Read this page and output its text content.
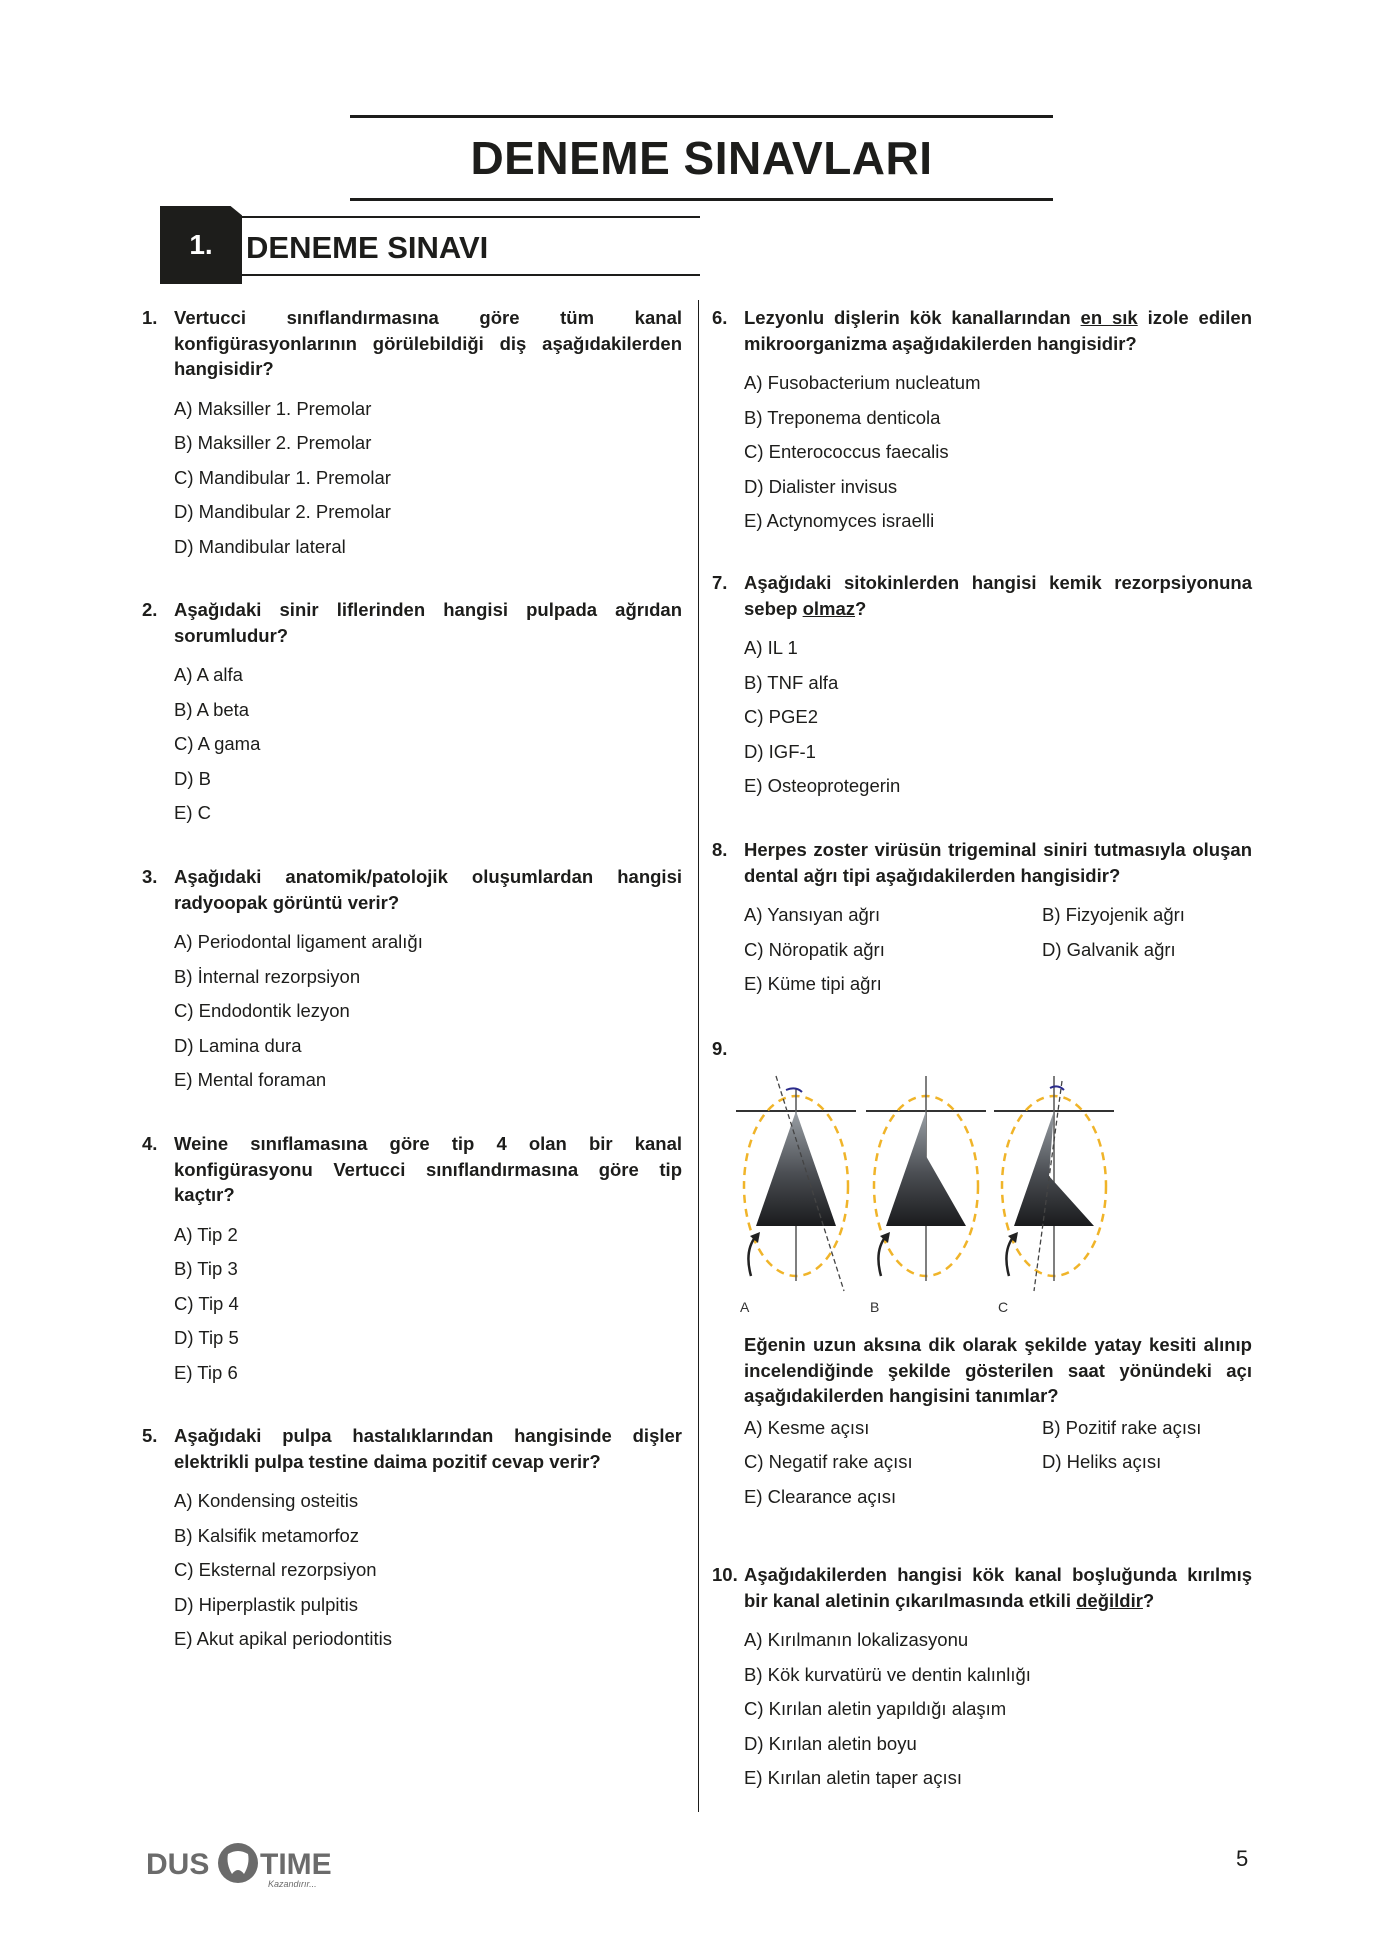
DENEME SINAVLARI
1.	DENEME SINAVI
1. Vertucci sınıflandırmasına göre tüm kanal konfigürasyonlarının görülebildiği diş aşağıdakilerden hangisidir?
A) Maksiller 1. Premolar
B) Maksiller 2. Premolar
C) Mandibular 1. Premolar
D) Mandibular 2. Premolar
D) Mandibular lateral
2. Aşağıdaki sinir liflerinden hangisi pulpada ağrıdan sorumludur?
A) A alfa
B) A beta
C) A gama
D) B
E) C
3. Aşağıdaki anatomik/patolojik oluşumlardan hangisi radyoopak görüntü verir?
A) Periodontal ligament aralığı
B) İnternal rezorpsiyon
C) Endodontik lezyon
D) Lamina dura
E) Mental foraman
4. Weine sınıflamasına göre tip 4 olan bir kanal konfigürasyonu Vertucci sınıflandırmasına göre tip kaçtır?
A) Tip 2
B) Tip 3
C) Tip 4
D) Tip 5
E) Tip 6
5. Aşağıdaki pulpa hastalıklarından hangisinde dişler elektrikli pulpa testine daima pozitif cevap verir?
A) Kondensing osteitis
B) Kalsifik metamorfoz
C) Eksternal rezorpsiyon
D) Hiperplastik pulpitis
E) Akut apikal periodontitis
6. Lezyonlu dişlerin kök kanallarından en sık izole edilen mikroorganizma aşağıdakilerden hangisidir?
A) Fusobacterium nucleatum
B) Treponema denticola
C) Enterococcus faecalis
D) Dialister invisus
E) Actynomyces israelli
7. Aşağıdaki sitokinlerden hangisi kemik rezorpsiyonuna sebep olmaz?
A) IL 1
B) TNF alfa
C) PGE2
D) IGF-1
E) Osteoprotegerin
8. Herpes zoster virüsün trigeminal siniri tutmasıyla oluşan dental ağrı tipi aşağıdakilerden hangisidir?
A) Yansıyan ağrı	B) Fizyojenik ağrı
C) Nöropatik ağrı	D) Galvanik ağrı
E) Küme tipi ağrı
9.
A	B	C
Eğenin uzun aksına dik olarak şekilde yatay kesiti alınıp incelendiğinde şekilde gösterilen saat yönündeki açı aşağıdakilerden hangisini tanımlar?
A) Kesme açısı	B) Pozitif rake açısı
C) Negatif rake açısı	D) Heliks açısı
E) Clearance açısı
10. Aşağıdakilerden hangisi kök kanal boşluğunda kırılmış bir kanal aletinin çıkarılmasında etkili değildir?
A) Kırılmanın lokalizasyonu
B) Kök kurvatürü ve dentin kalınlığı
C) Kırılan aletin yapıldığı alaşım
D) Kırılan aletin boyu
E) Kırılan aletin taper açısı
DUS TIME
Kazandırır...
5
